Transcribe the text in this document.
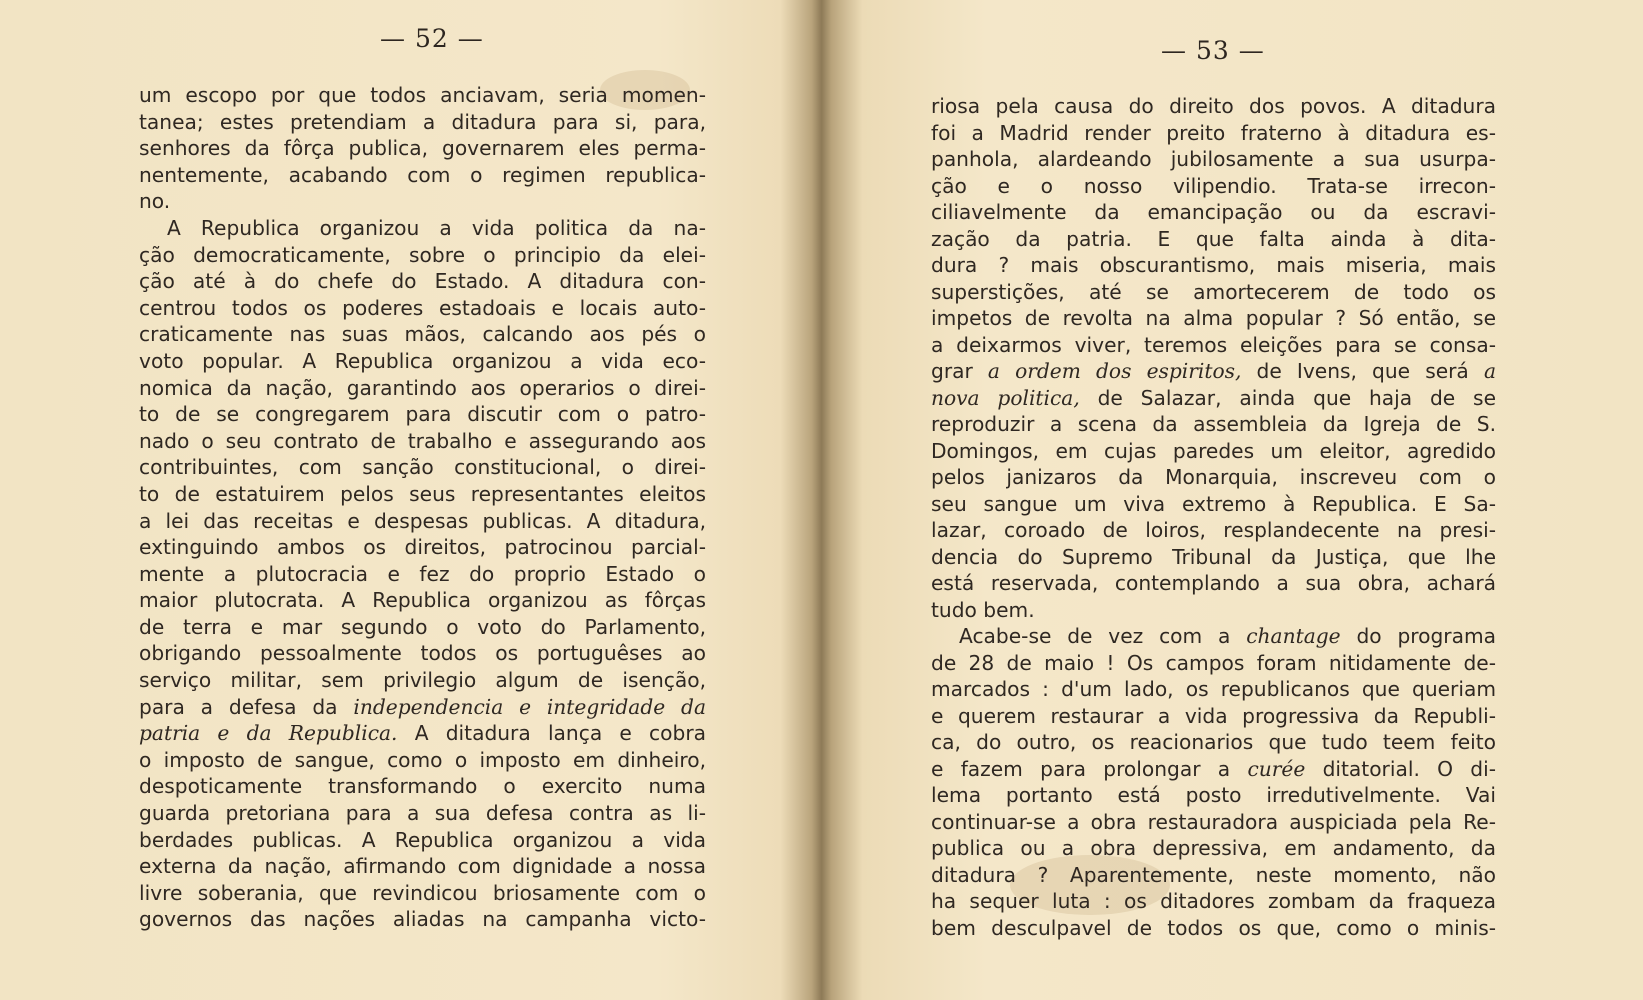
— 52 —
um escopo por que todos anciavam, seria momen-
tanea; estes pretendiam a ditadura para si, para,
senhores da fôrça publica, governarem eles perma-
nentemente, acabando com o regimen republica-
no.
A Republica organizou a vida politica da na-
ção democraticamente, sobre o principio da elei-
ção até à do chefe do Estado. A ditadura con-
centrou todos os poderes estadoais e locais auto-
craticamente nas suas mãos, calcando aos pés o
voto popular. A Republica organizou a vida eco-
nomica da nação, garantindo aos operarios o direi-
to de se congregarem para discutir com o patro-
nado o seu contrato de trabalho e assegurando aos
contribuintes, com sanção constitucional, o direi-
to de estatuirem pelos seus representantes eleitos
a lei das receitas e despesas publicas. A ditadura,
extinguindo ambos os direitos, patrocinou parcial-
mente a plutocracia e fez do proprio Estado o
maior plutocrata. A Republica organizou as fôrças
de terra e mar segundo o voto do Parlamento,
obrigando pessoalmente todos os portuguêses ao
serviço militar, sem privilegio algum de isenção,
para a defesa da independencia e integridade da
patria e da Republica. A ditadura lança e cobra
o imposto de sangue, como o imposto em dinheiro,
despoticamente transformando o exercito numa
guarda pretoriana para a sua defesa contra as li-
berdades publicas. A Republica organizou a vida
externa da nação, afirmando com dignidade a nossa
livre soberania, que revindicou briosamente com o
governos das nações aliadas na campanha victo-
— 53 —
riosa pela causa do direito dos povos. A ditadura
foi a Madrid render preito fraterno à ditadura es-
panhola, alardeando jubilosamente a sua usurpa-
ção e o nosso vilipendio. Trata-se irrecon-
ciliavelmente da emancipação ou da escravi-
zação da patria. E que falta ainda à dita-
dura ? mais obscurantismo, mais miseria, mais
superstições, até se amortecerem de todo os
impetos de revolta na alma popular ? Só então, se
a deixarmos viver, teremos eleições para se consa-
grar a ordem dos espiritos, de Ivens, que será a
nova politica, de Salazar, ainda que haja de se
reproduzir a scena da assembleia da Igreja de S.
Domingos, em cujas paredes um eleitor, agredido
pelos janizaros da Monarquia, inscreveu com o
seu sangue um viva extremo à Republica. E Sa-
lazar, coroado de loiros, resplandecente na presi-
dencia do Supremo Tribunal da Justiça, que lhe
está reservada, contemplando a sua obra, achará
tudo bem.
Acabe-se de vez com a chantage do programa
de 28 de maio ! Os campos foram nitidamente de-
marcados : d'um lado, os republicanos que queriam
e querem restaurar a vida progressiva da Republi-
ca, do outro, os reacionarios que tudo teem feito
e fazem para prolongar a curée ditatorial. O di-
lema portanto está posto irredutivelmente. Vai
continuar-se a obra restauradora auspiciada pela Re-
publica ou a obra depressiva, em andamento, da
ditadura ? Aparentemente, neste momento, não
ha sequer luta : os ditadores zombam da fraqueza
bem desculpavel de todos os que, como o minis-
